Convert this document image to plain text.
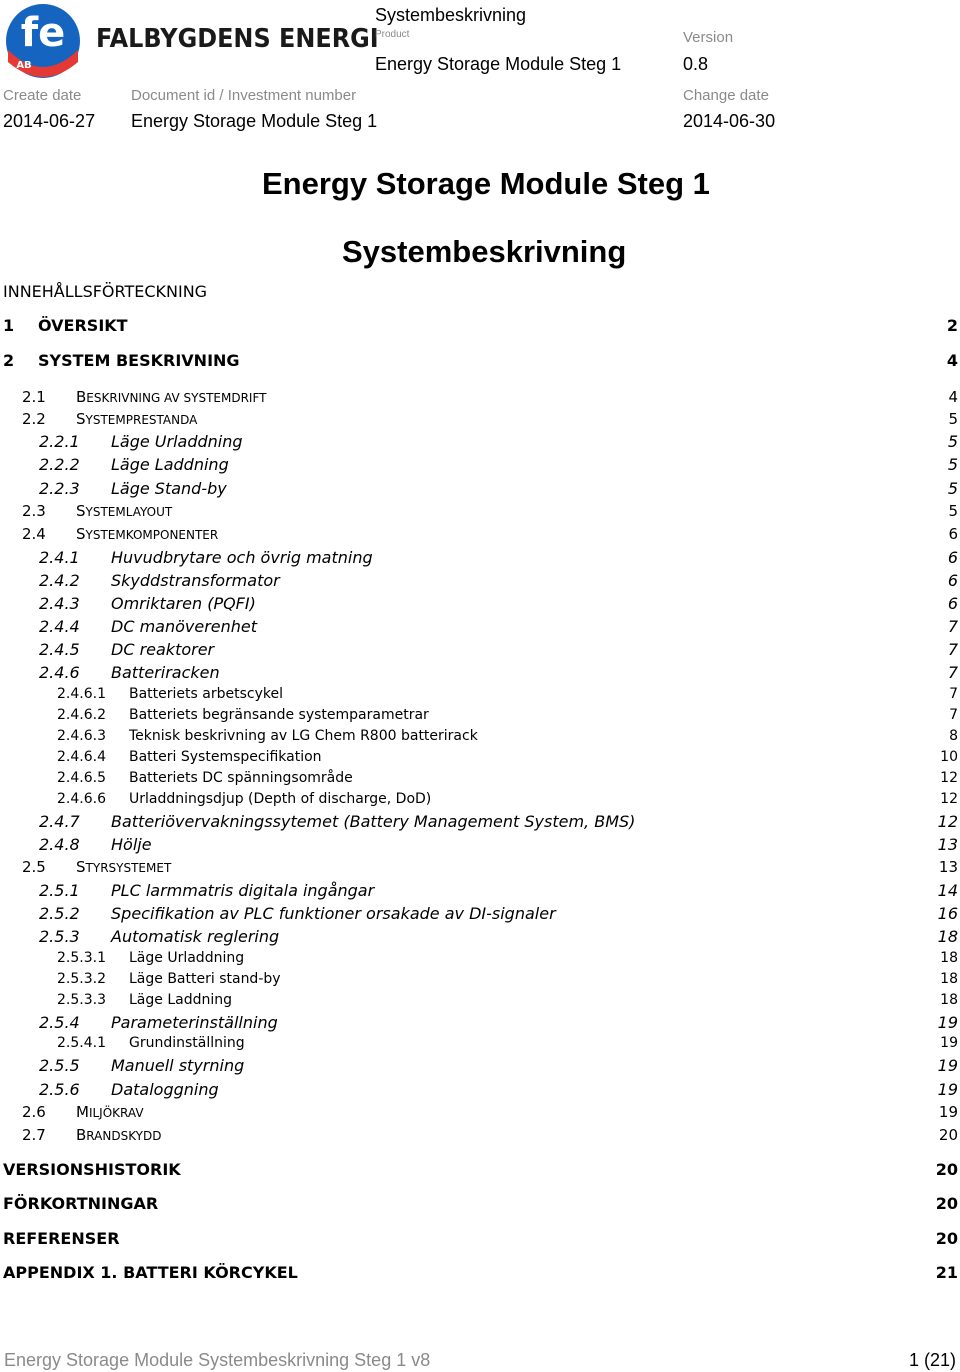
fe
AB
FALBYGDENS ENERGI
Systembeskrivning
Product
Energy Storage Module Steg 1
Version
0.8
Create date
2014-06-27
Document id / Investment number
Energy Storage Module Steg 1
Change date
2014-06-30
Energy Storage Module Steg 1
Systembeskrivning
INNEHÅLLSFÖRTECKNING
1 ÖVERSIKT	2
2 SYSTEM BESKRIVNING	4
2.1 BESKRIVNING AV SYSTEMDRIFT	4
2.2 SYSTEMPRESTANDA	5
2.2.1 Läge Urladdning	5
2.2.2 Läge Laddning	5
2.2.3 Läge Stand-by	5
2.3 SYSTEMLAYOUT	5
2.4 SYSTEMKOMPONENTER	6
2.4.1 Huvudbrytare och övrig matning	6
2.4.2 Skyddstransformator	6
2.4.3 Omriktaren (PQFI)	6
2.4.4 DC manöverenhet	7
2.4.5 DC reaktorer	7
2.4.6 Batteriracken	7
2.4.6.1 Batteriets arbetscykel	7
2.4.6.2 Batteriets begränsande systemparametrar	7
2.4.6.3 Teknisk beskrivning av LG Chem R800 batterirack	8
2.4.6.4 Batteri Systemspecifikation	10
2.4.6.5 Batteriets DC spänningsområde	12
2.4.6.6 Urladdningsdjup (Depth of discharge, DoD)	12
2.4.7 Batteriövervakningssytemet (Battery Management System, BMS)	12
2.4.8 Hölje	13
2.5 STYRSYSTEMET	13
2.5.1 PLC larmmatris digitala ingångar	14
2.5.2 Specifikation av PLC funktioner orsakade av DI-signaler	16
2.5.3 Automatisk reglering	18
2.5.3.1 Läge Urladdning	18
2.5.3.2 Läge Batteri stand-by	18
2.5.3.3 Läge Laddning	18
2.5.4 Parameterinställning	19
2.5.4.1 Grundinställning	19
2.5.5 Manuell styrning	19
2.5.6 Dataloggning	19
2.6 MILJÖKRAV	19
2.7 BRANDSKYDD	20
VERSIONSHISTORIK	20
FÖRKORTNINGAR	20
REFERENSER	20
APPENDIX 1. BATTERI KÖRCYKEL	21
Energy Storage Module Systembeskrivning Steg 1 v8	1 (21)
